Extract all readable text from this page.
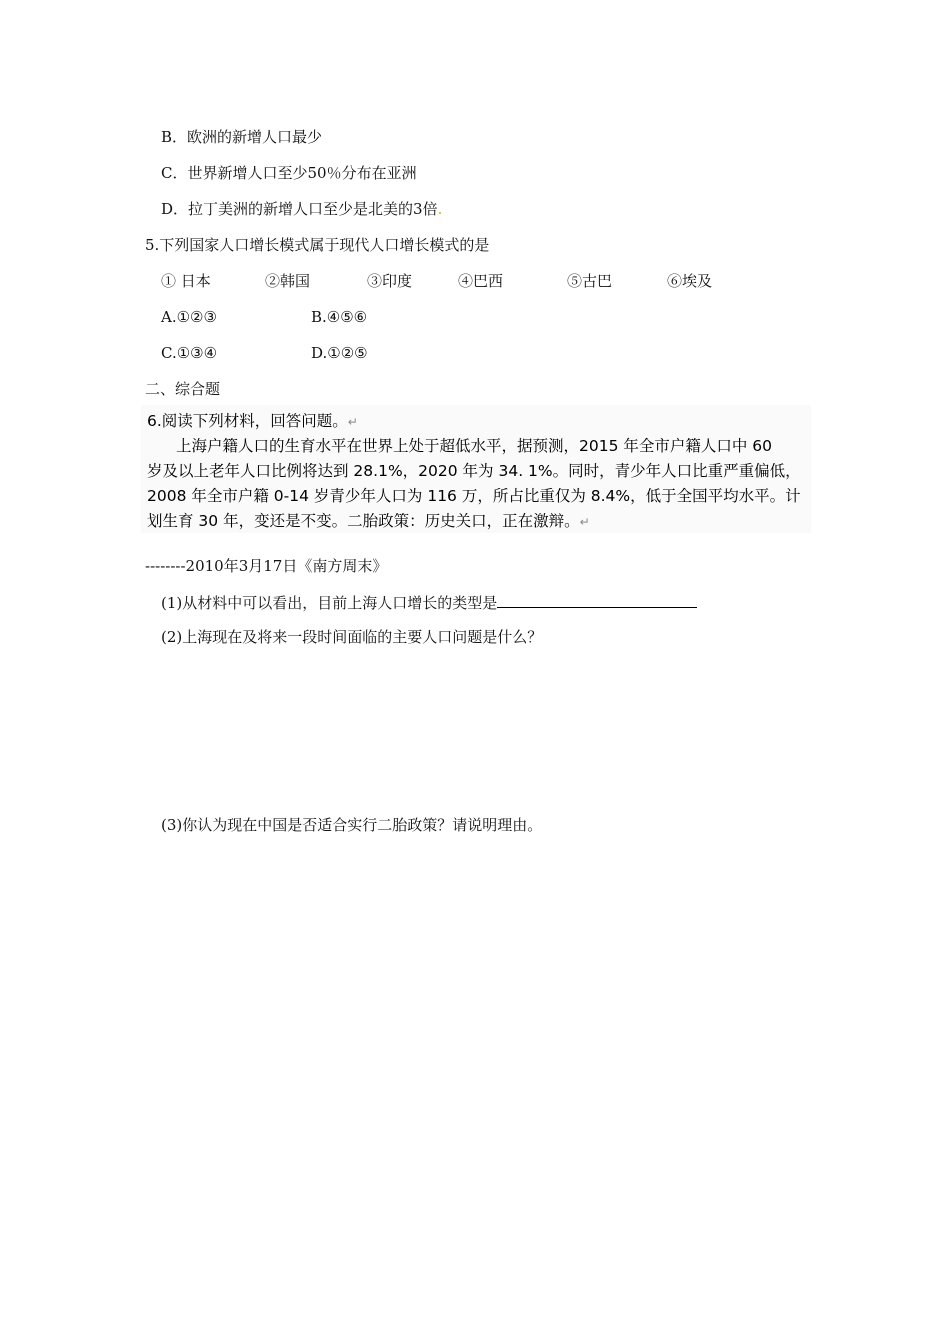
B．欧洲的新增人口最少
C．世界新增人口至少50％分布在亚洲
D．拉丁美洲的新增人口至少是北美的3倍.
5.下列国家人口增长模式属于现代人口增长模式的是
① 日本	②韩国	③印度	④巴西	⑤古巴	⑥埃及
A.①②③	B.④⑤⑥
C.①③④	D.①②⑤
二、综合题
6.阅读下列材料，回答问题。↵
上海户籍人口的生育水平在世界上处于超低水平，据预测，2015 年全市户籍人口中 60
岁及以上老年人口比例将达到 28.1%，2020 年为 34. 1%。同时，青少年人口比重严重偏低，
2008 年全市户籍 0-14 岁青少年人口为 116 万，所占比重仅为 8.4%，低于全国平均水平。计
划生育 30 年，变还是不变。二胎政策：历史关口，正在激辩。↵
--------2010年3月17日《南方周末》
(1)从材料中可以看出，目前上海人口增长的类型是
(2)上海现在及将来一段时间面临的主要人口问题是什么？
(3)你认为现在中国是否适合实行二胎政策？请说明理由。
